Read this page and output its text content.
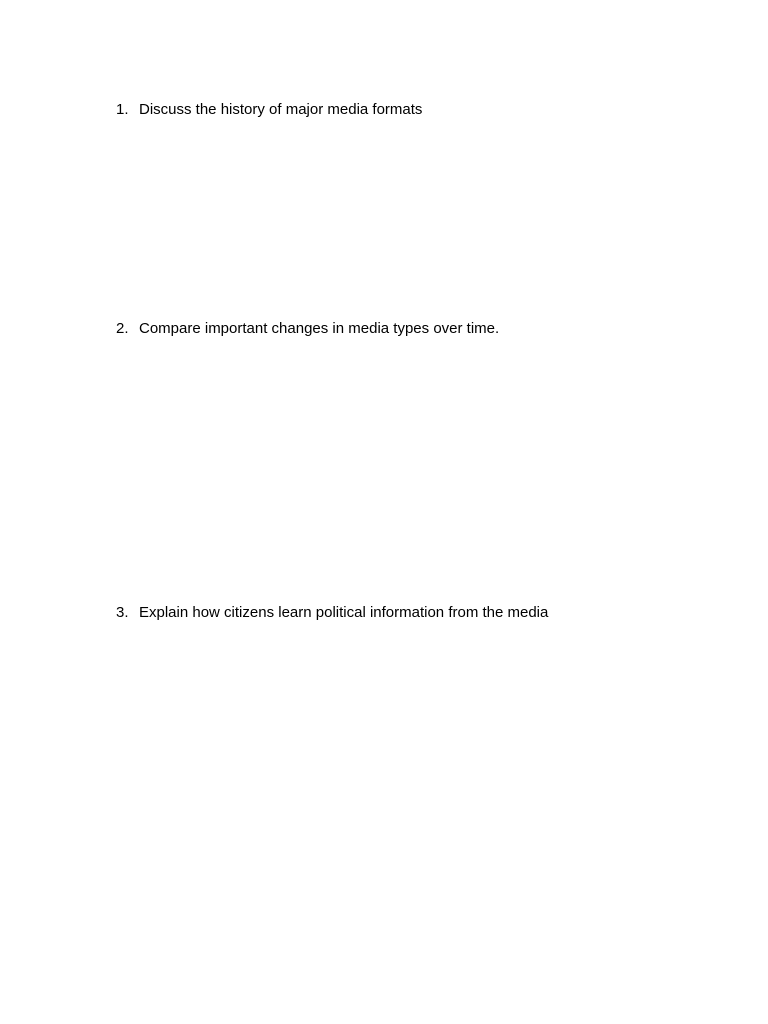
1. Discuss the history of major media formats
2. Compare important changes in media types over time.
3. Explain how citizens learn political information from the media
